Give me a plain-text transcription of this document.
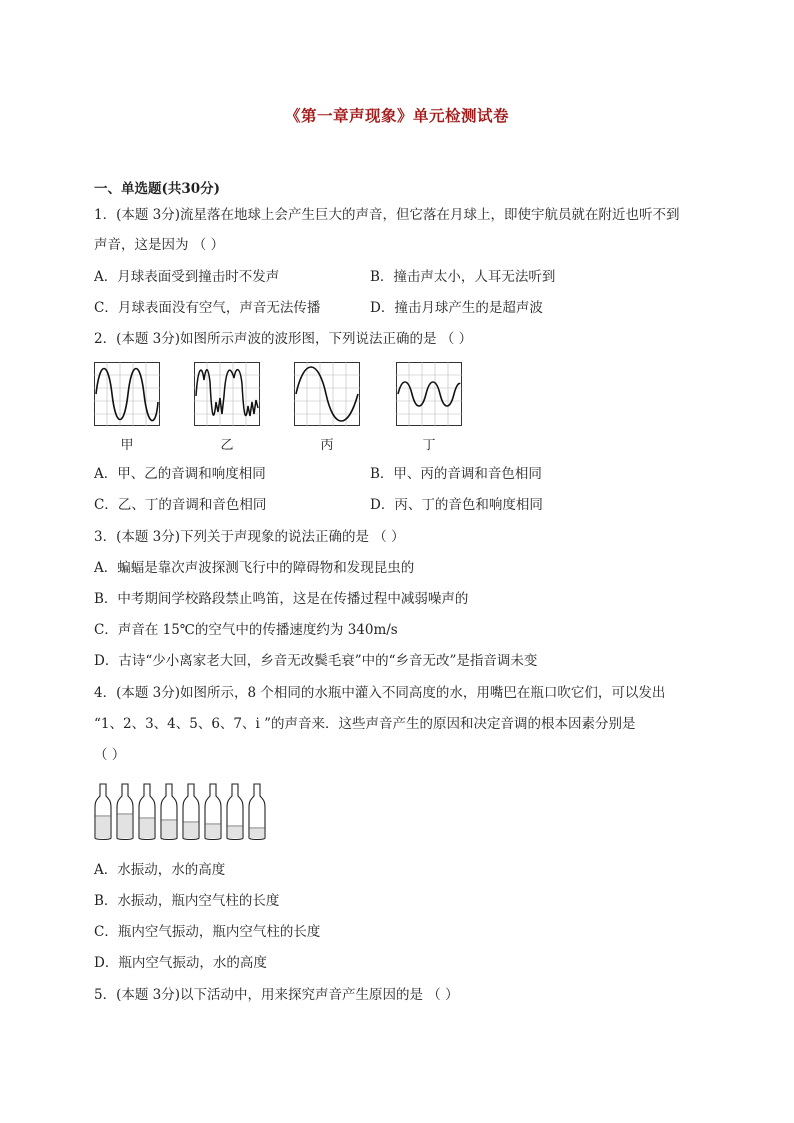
《第一章声现象》单元检测试卷
一、单选题(共30分)
1．(本题 3分)流星落在地球上会产生巨大的声音，但它落在月球上，即使宇航员就在附近也听不到
声音，这是因为 （ ）
A．月球表面受到撞击时不发声	B．撞击声太小，人耳无法听到
C．月球表面没有空气，声音无法传播	D．撞击月球产生的是超声波
2．(本题 3分)如图所示声波的波形图，下列说法正确的是 （ ）
甲	乙	丙	丁
A．甲、乙的音调和响度相同	B．甲、丙的音调和音色相同
C．乙、丁的音调和音色相同	D．丙、丁的音色和响度相同
3．(本题 3分)下列关于声现象的说法正确的是 （ ）
A．蝙蝠是靠次声波探测飞行中的障碍物和发现昆虫的
B．中考期间学校路段禁止鸣笛，这是在传播过程中减弱噪声的
C．声音在 15℃的空气中的传播速度约为 340m/s
D．古诗“少小离家老大回，乡音无改鬓毛衰”中的“乡音无改”是指音调未变
4．(本题 3分)如图所示，8 个相同的水瓶中灌入不同高度的水，用嘴巴在瓶口吹它们，可以发出
“1、2、3、4、5、6、7、i ”的声音来．这些声音产生的原因和决定音调的根本因素分别是
（ ）
A．水振动，水的高度
B．水振动，瓶内空气柱的长度
C．瓶内空气振动，瓶内空气柱的长度
D．瓶内空气振动，水的高度
5．(本题 3分)以下活动中，用来探究声音产生原因的是 （ ）
